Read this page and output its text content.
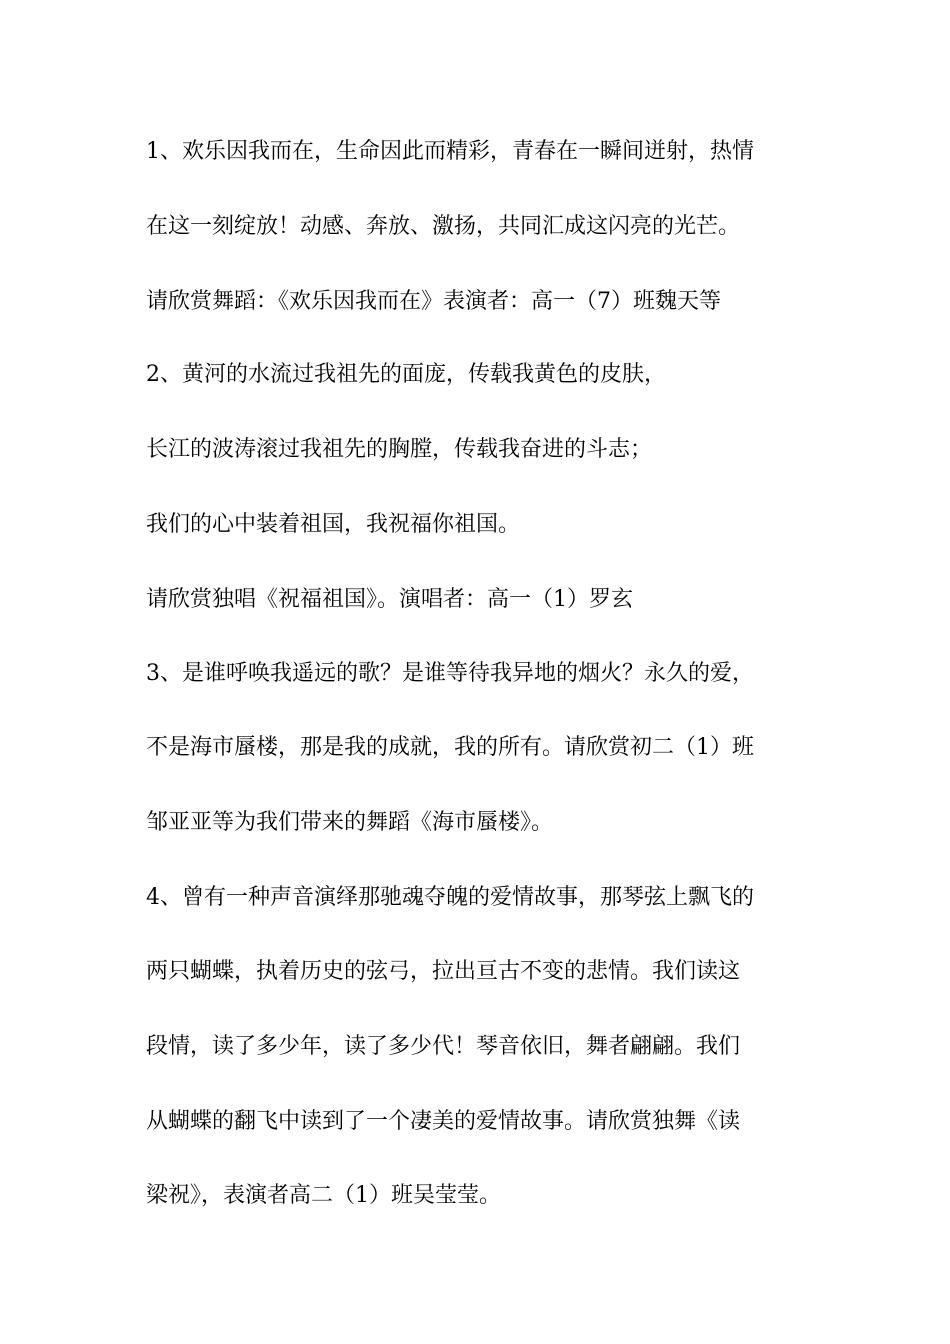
1、欢乐因我而在，生命因此而精彩，青春在一瞬间迸射，热情
在这一刻绽放！动感、奔放、激扬，共同汇成这闪亮的光芒。
请欣赏舞蹈：《欢乐因我而在》表演者：高一（7）班魏天等
2、黄河的水流过我祖先的面庞，传载我黄色的皮肤，
长江的波涛滚过我祖先的胸膛，传载我奋进的斗志；
我们的心中装着祖国，我祝福你祖国。
请欣赏独唱《祝福祖国》。演唱者：高一（1）罗玄
3、是谁呼唤我遥远的歌？是谁等待我异地的烟火？永久的爱，
不是海市蜃楼，那是我的成就，我的所有。请欣赏初二（1）班
邹亚亚等为我们带来的舞蹈《海市蜃楼》。
4、曾有一种声音演绎那驰魂夺魄的爱情故事，那琴弦上飘飞的
两只蝴蝶，执着历史的弦弓，拉出亘古不变的悲情。我们读这
段情，读了多少年，读了多少代！琴音依旧，舞者翩翩。我们
从蝴蝶的翻飞中读到了一个凄美的爱情故事。请欣赏独舞《读
梁祝》，表演者高二（1）班吴莹莹。
